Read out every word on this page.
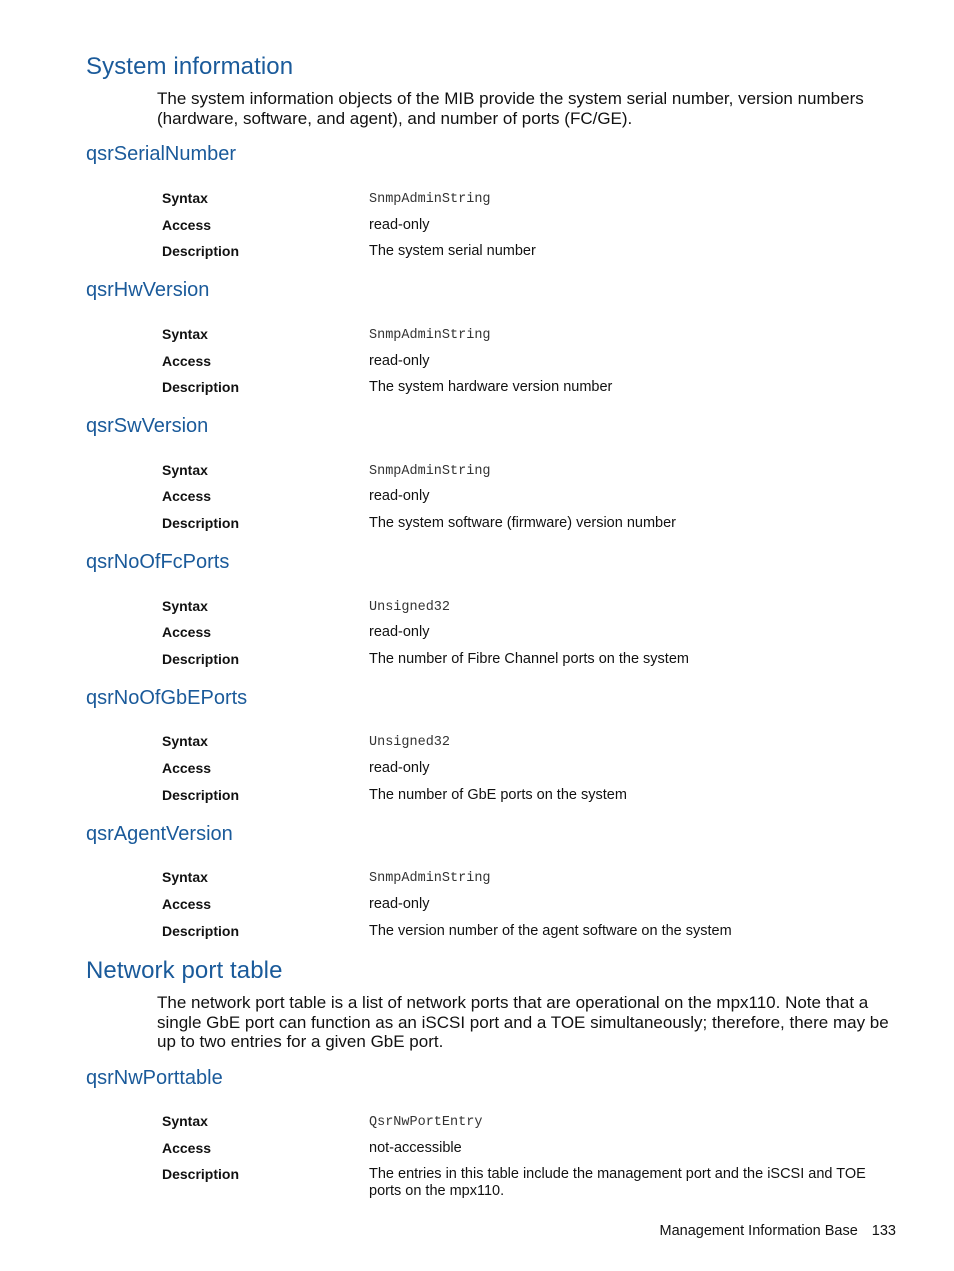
System information

The system information objects of the MIB provide the system serial number, version numbers (hardware, software, and agent), and number of ports (FC/GE).

qsrSerialNumber
Syntax	SnmpAdminString
Access	read-only
Description	The system serial number
qsrHwVersion
Syntax	SnmpAdminString
Access	read-only
Description	The system hardware version number
qsrSwVersion
Syntax	SnmpAdminString
Access	read-only
Description	The system software (firmware) version number
qsrNoOfFcPorts
Syntax	Unsigned32
Access	read-only
Description	The number of Fibre Channel ports on the system
qsrNoOfGbEPorts
Syntax	Unsigned32
Access	read-only
Description	The number of GbE ports on the system
qsrAgentVersion
Syntax	SnmpAdminString
Access	read-only
Description	The version number of the agent software on the system
Network port table

The network port table is a list of network ports that are operational on the mpx110. Note that a single GbE port can function as an iSCSI port and a TOE simultaneously; therefore, there may be up to two entries for a given GbE port.

qsrNwPorttable
Syntax	QsrNwPortEntry
Access	not-accessible
Description	The entries in this table include the management port and the iSCSI and TOE ports on the mpx110.
Management Information Base 133
